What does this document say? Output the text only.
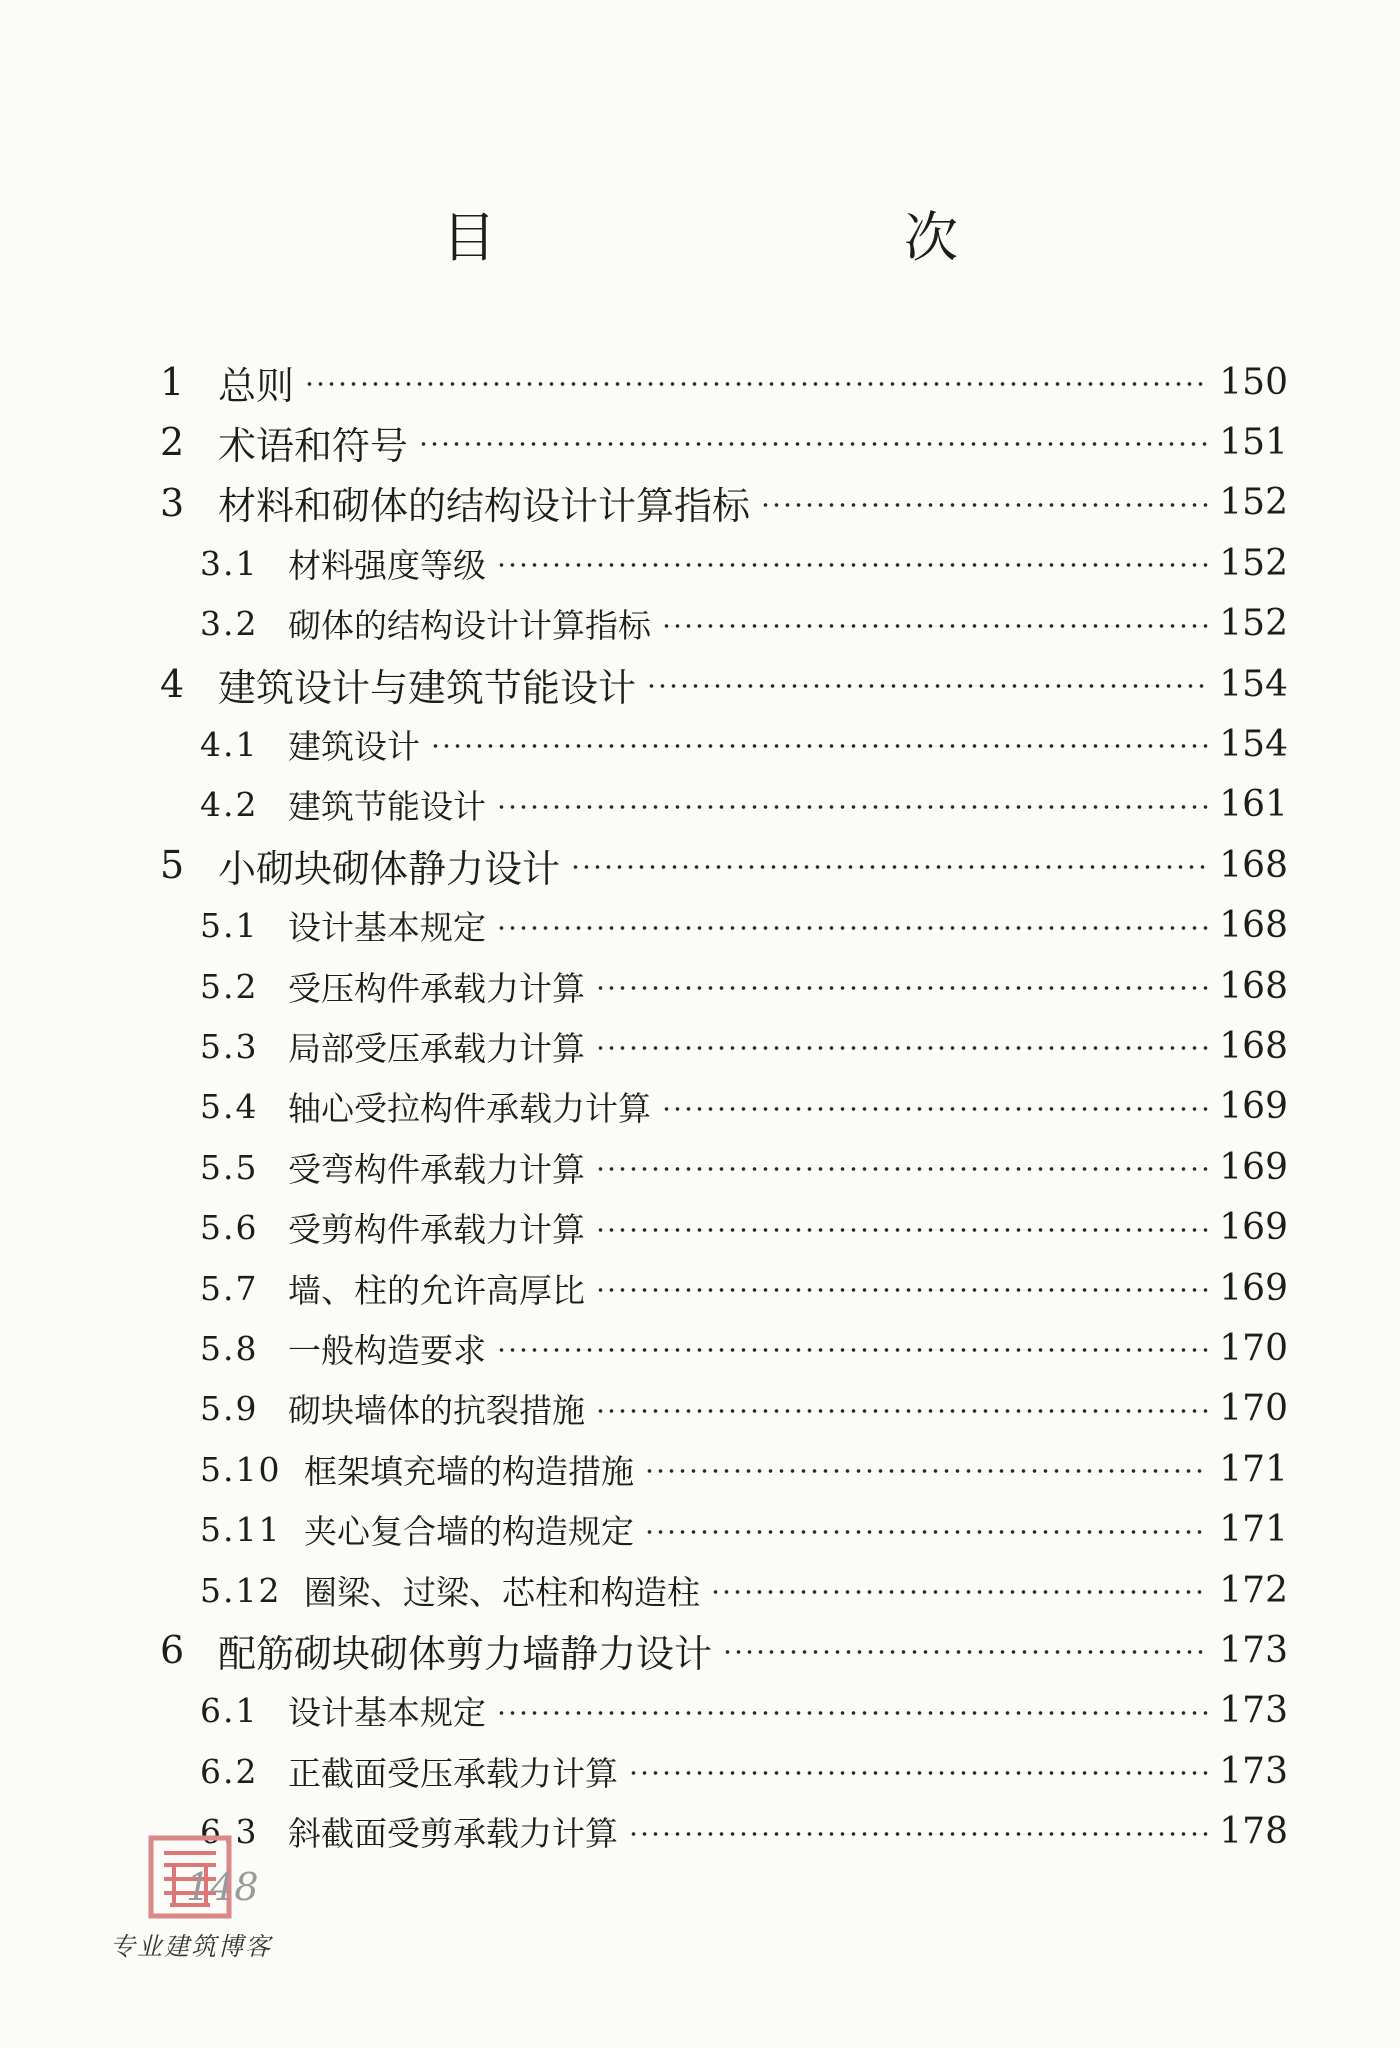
目　　次
1 总则	150
2 术语和符号	151
3 材料和砌体的结构设计计算指标	152
3.1 材料强度等级	152
3.2 砌体的结构设计计算指标	152
4 建筑设计与建筑节能设计	154
4.1 建筑设计	154
4.2 建筑节能设计	161
5 小砌块砌体静力设计	168
5.1 设计基本规定	168
5.2 受压构件承载力计算	168
5.3 局部受压承载力计算	168
5.4 轴心受拉构件承载力计算	169
5.5 受弯构件承载力计算	169
5.6 受剪构件承载力计算	169
5.7 墙、柱的允许高厚比	169
5.8 一般构造要求	170
5.9 砌块墙体的抗裂措施	170
5.10 框架填充墙的构造措施	171
5.11 夹心复合墙的构造规定	171
5.12 圈梁、过梁、芯柱和构造柱	172
6 配筋砌块砌体剪力墙静力设计	173
6.1 设计基本规定	173
6.2 正截面受压承载力计算	173
6.3 斜截面受剪承载力计算	178
专业建筑博客
148
